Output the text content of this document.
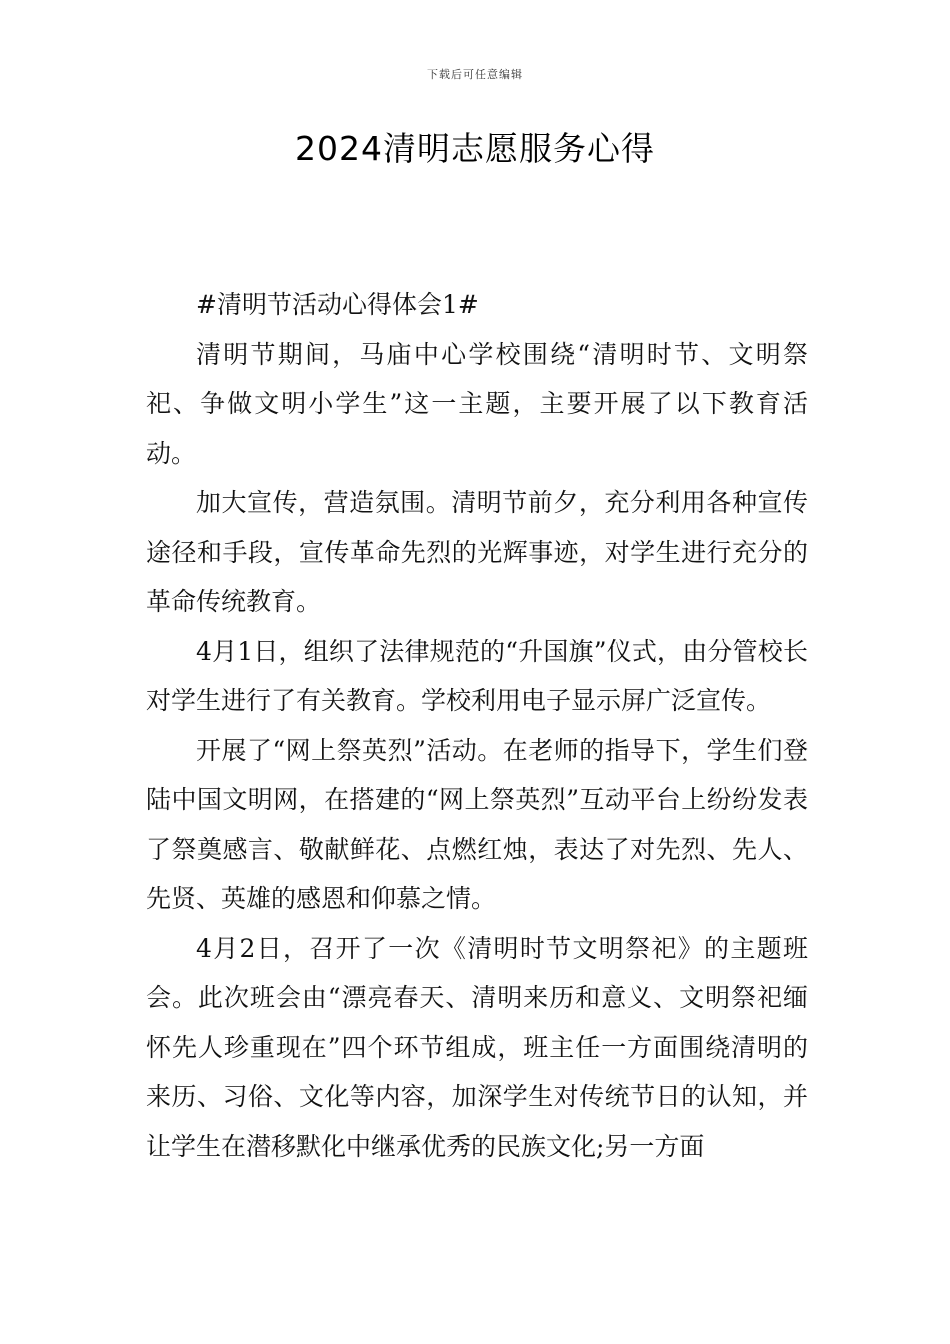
下载后可任意编辑
2024清明志愿服务心得

#清明节活动心得体会1#

清明节期间，马庙中心学校围绕“清明时节、文明祭祀、争做文明小学生”这一主题，主要开展了以下教育活动。

加大宣传，营造氛围。清明节前夕，充分利用各种宣传途径和手段，宣传革命先烈的光辉事迹，对学生进行充分的革命传统教育。

4月1日，组织了法律规范的“升国旗”仪式，由分管校长对学生进行了有关教育。学校利用电子显示屏广泛宣传。

开展了“网上祭英烈”活动。在老师的指导下，学生们登陆中国文明网，在搭建的“网上祭英烈”互动平台上纷纷发表了祭奠感言、敬献鲜花、点燃红烛，表达了对先烈、先人、先贤、英雄的感恩和仰慕之情。

4月2日，召开了一次《清明时节文明祭祀》的主题班会。此次班会由“漂亮春天、清明来历和意义、文明祭祀缅怀先人珍重现在”四个环节组成，班主任一方面围绕清明的来历、习俗、文化等内容，加深学生对传统节日的认知，并让学生在潜移默化中继承优秀的民族文化;另一方面
